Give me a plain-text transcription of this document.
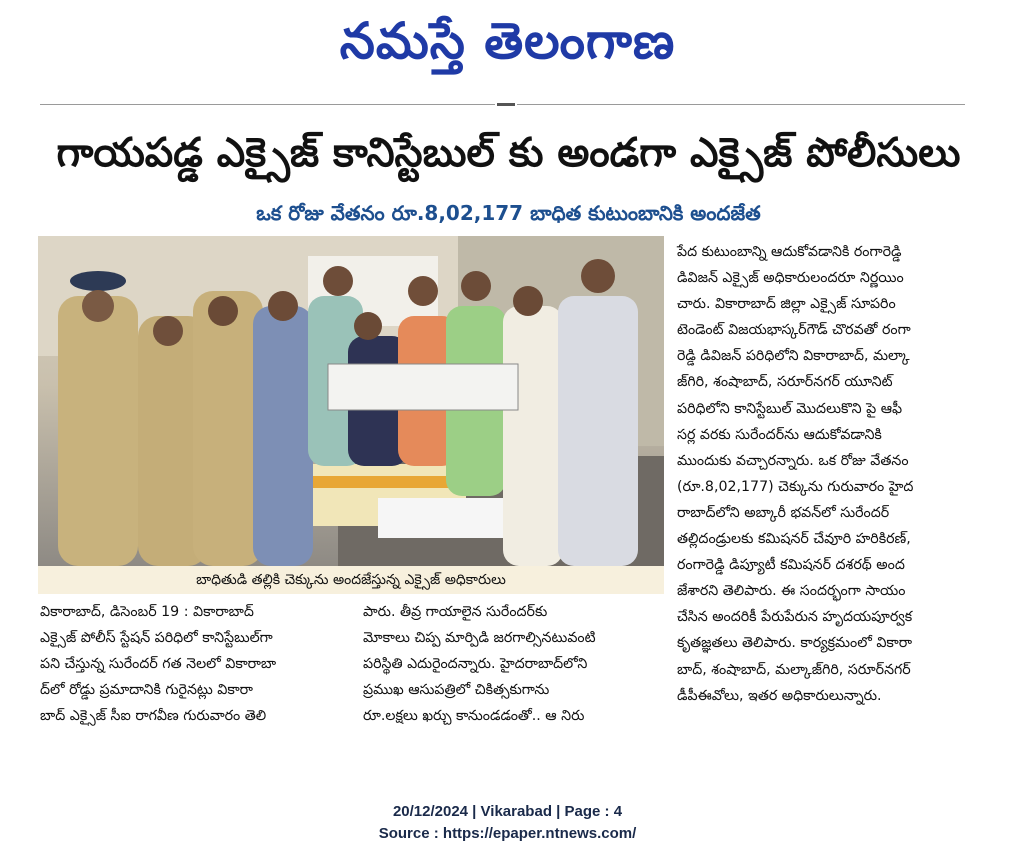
నమస్తే తెలంగాణ
గాయపడ్డ ఎక్సైజ్ కానిస్టేబుల్ కు అండగా ఎక్సైజ్ పోలీసులు
ఒక రోజు వేతనం రూ.8,02,177 బాధిత కుటుంబానికి అందజేత
బాధితుడి తల్లికి చెక్కును అందజేస్తున్న ఎక్సైజ్ అధికారులు

వికారాబాద్, డిసెంబర్ 19 : వికారాబాద్

ఎక్సైజ్ పోలీస్ స్టేషన్ పరిధిలో కానిస్టేబుల్‌గా

పని చేస్తున్న సురేందర్ గత నెలలో వికారాబా

ద్‌లో రోడ్డు ప్రమాదానికి గురైనట్లు వికారా

బాద్ ఎక్సైజ్ సీఐ రాగవీణ గురువారం తెలి

పారు. తీవ్ర గాయాలైన సురేందర్‌కు

మోకాలు చిప్ప మార్పిడి జరగాల్సినటువంటి

పరిస్థితి ఎదురైందన్నారు. హైదరాబాద్‌లోని

ప్రముఖ ఆసుపత్రిలో చికిత్సకుగాను

రూ.లక్షలు ఖర్చు కానుండడంతో.. ఆ నిరు

పేద కుటుంబాన్ని ఆదుకోవడానికి రంగారెడ్డి

డివిజన్ ఎక్సైజ్ అధికారులందరూ నిర్ణయిం

చారు. వికారాబాద్ జిల్లా ఎక్సైజ్ సూపరిం

టెండెంట్ విజయభాస్కర్‌గౌడ్ చొరవతో రంగా

రెడ్డి డివిజన్ పరిధిలోని వికారాబాద్, మల్కా

జ్‌గిరి, శంషాబాద్, సరూర్‌నగర్ యూనిట్

పరిధిలోని కానిస్టేబుల్ మొదలుకొని పై ఆఫీ

సర్ల వరకు సురేందర్‌ను ఆదుకోవడానికి

ముందుకు వచ్చారన్నారు. ఒక రోజు వేతనం

(రూ.8,02,177) చెక్కును గురువారం హైద

రాబాద్‌లోని అబ్కారీ భవన్‌లో సురేందర్

తల్లిదండ్రులకు కమిషనర్ చేవూరి హరికిరణ్,

రంగారెడ్డి డిప్యూటీ కమిషనర్ దశరథ్ అంద

జేశారని తెలిపారు. ఈ సందర్భంగా సాయం

చేసిన అందరికీ పేరుపేరున హృదయపూర్వక

కృతజ్ఞతలు తెలిపారు. కార్యక్రమంలో వికారా

బాద్, శంషాబాద్, మల్కాజ్‌గిరి, సరూర్‌నగర్

డీపీఈవోలు, ఇతర అధికారులున్నారు.

20/12/2024 | Vikarabad | Page : 4
Source : https://epaper.ntnews.com/
